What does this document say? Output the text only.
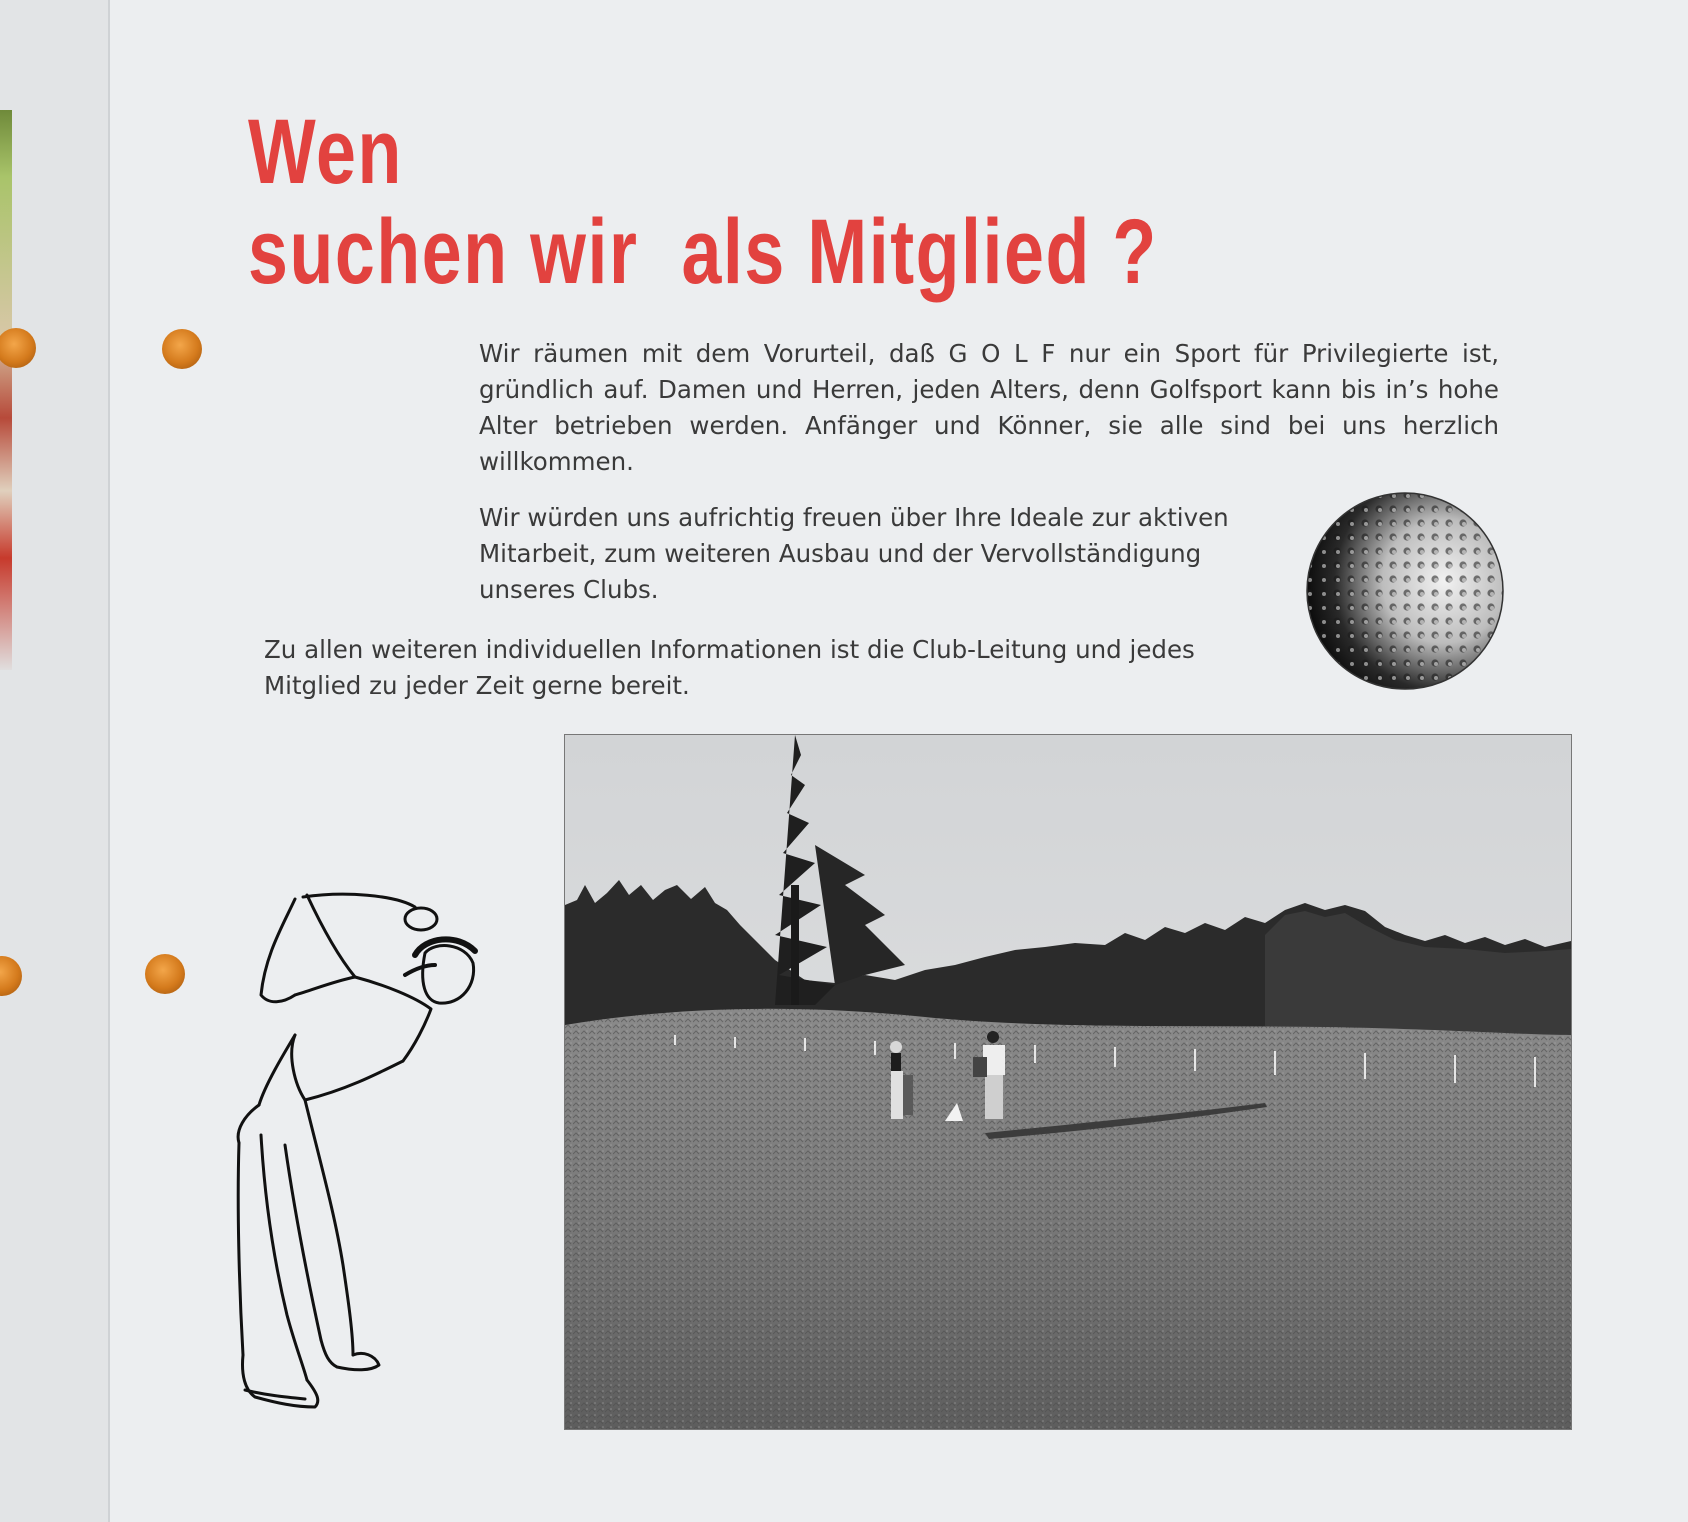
Wen
suchen wir  als Mitglied ?

Wir räumen mit dem Vorurteil, daß G O L F nur ein Sport für Privilegierte ist, gründlich auf. Damen und Herren, jeden Alters, denn Golfsport kann bis in’s hohe Alter betrieben werden. Anfänger und Könner, sie alle sind bei uns herzlich willkommen.

Wir würden uns aufrichtig freuen über Ihre Ideale zur aktiven Mitarbeit, zum weiteren Ausbau und der Vervollständigung unseres Clubs.

Zu allen weiteren individuellen Informationen ist die Club-Leitung und jedes Mitglied zu jeder Zeit gerne bereit.
